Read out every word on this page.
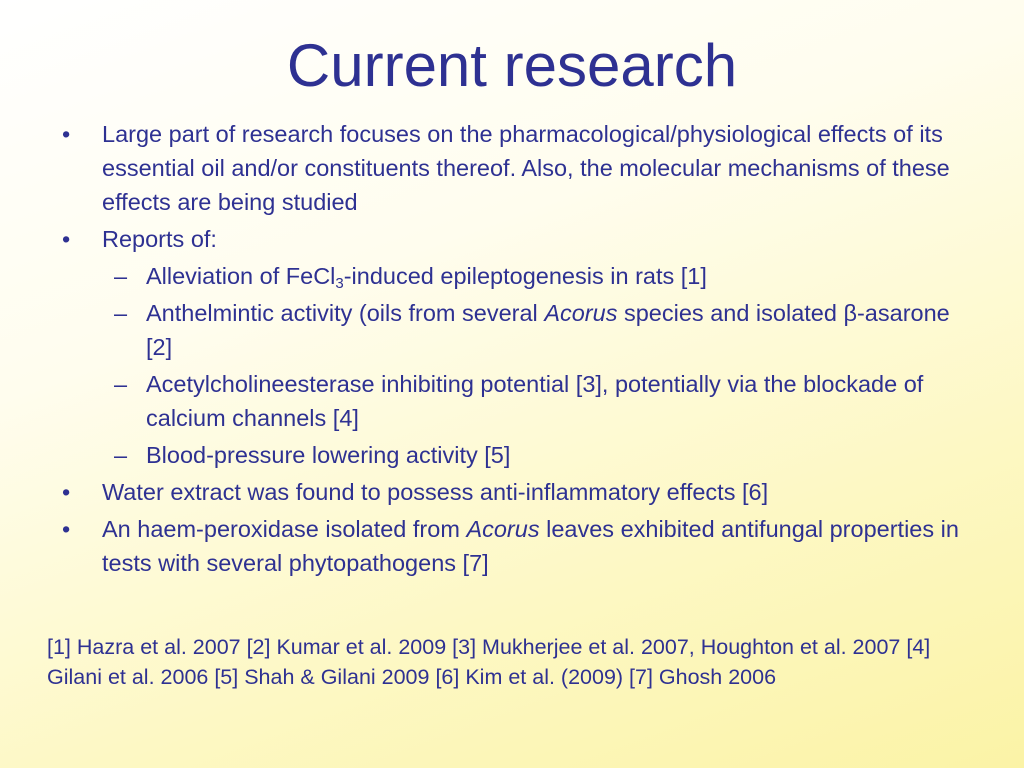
Current research
• Large part of research focuses on the pharmacological/physiological effects of its essential oil and/or constituents thereof. Also, the molecular mechanisms of these effects are being studied
• Reports of:
– Alleviation of FeCl$_3$-induced epileptogenesis in rats [1]
– Anthelmintic activity (oils from several Acorus species and isolated β-asarone [2]
– Acetylcholineesterase inhibiting potential [3], potentially via the blockade of calcium channels [4]
– Blood-pressure lowering activity [5]
• Water extract was found to possess anti-inflammatory effects [6]
• An haem-peroxidase isolated from Acorus leaves exhibited antifungal properties in tests with several phytopathogens [7]
[1] Hazra et al. 2007 [2] Kumar et al. 2009 [3] Mukherjee et al. 2007, Houghton et al. 2007 [4] Gilani et al. 2006 [5] Shah & Gilani 2009 [6] Kim et al. (2009) [7] Ghosh 2006
